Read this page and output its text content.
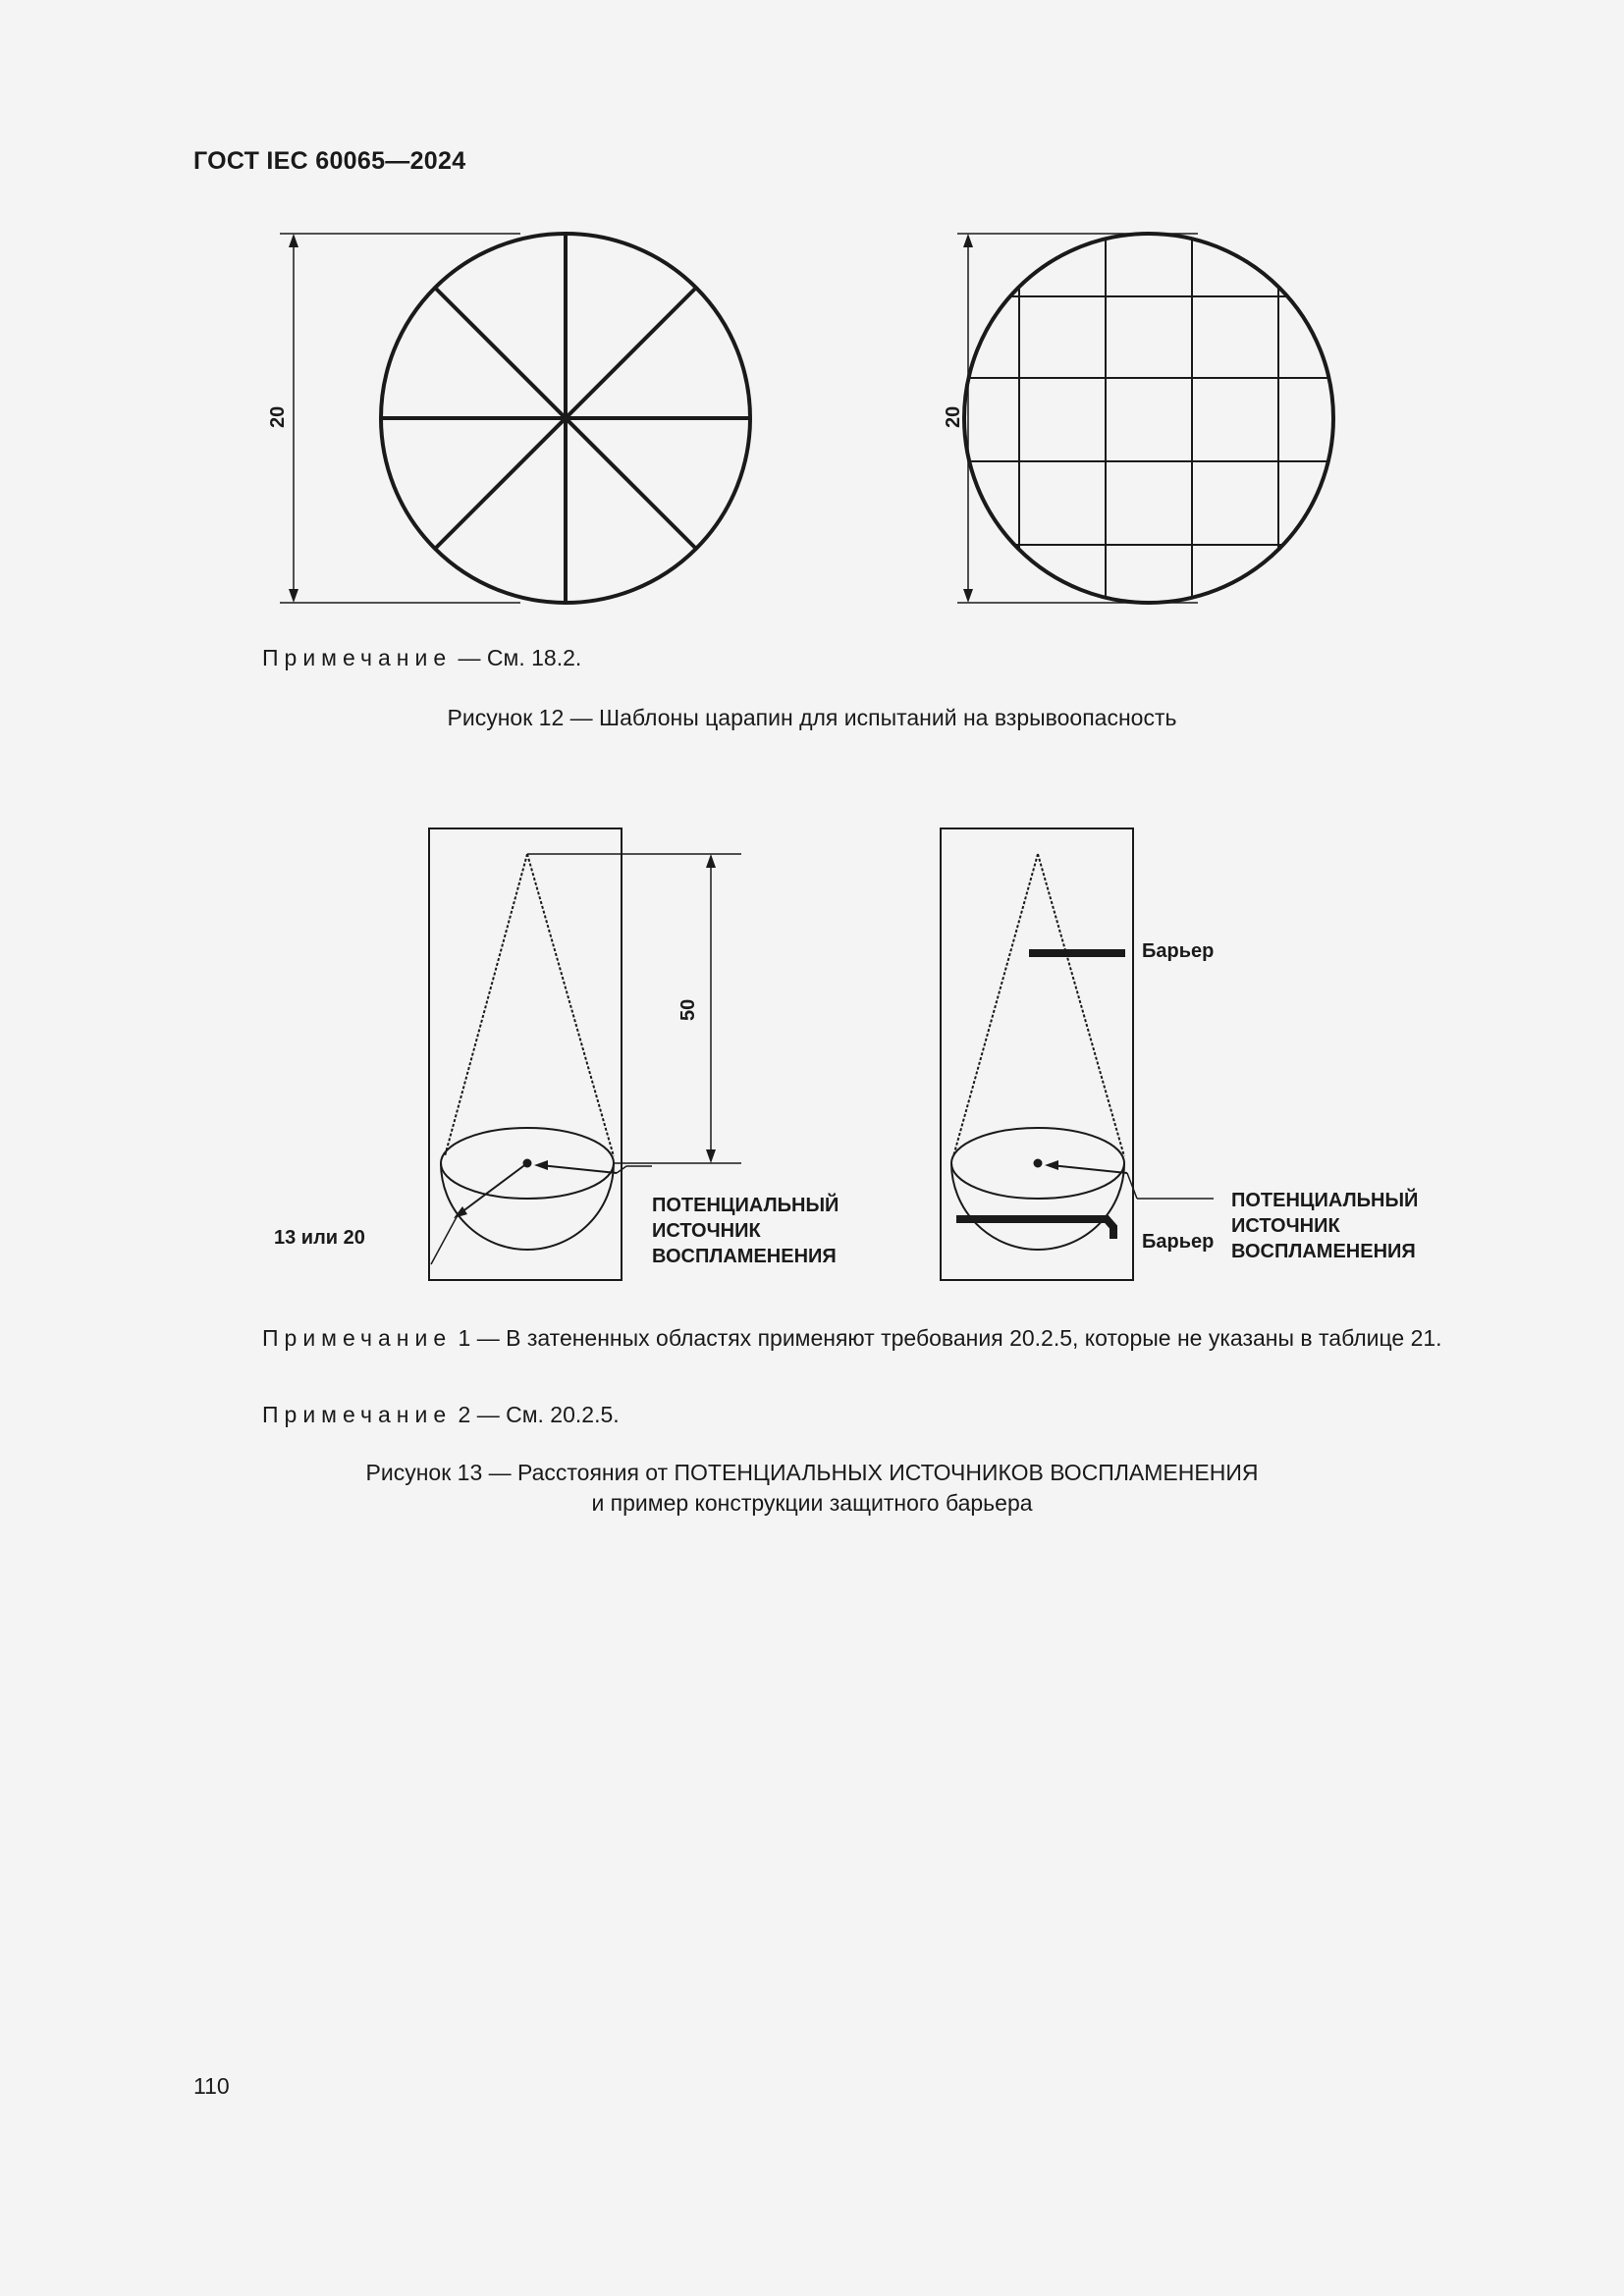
ГОСТ IEC 60065—2024
20	20
Примечание — См. 18.2.
Рисунок 12 — Шаблоны царапин для испытаний на взрывоопасность
50
13 или 20
ПОТЕНЦИАЛЬНЫЙ
ИСТОЧНИК
ВОСПЛАМЕНЕНИЯ
Барьер
Барьер
ПОТЕНЦИАЛЬНЫЙ
ИСТОЧНИК
ВОСПЛАМЕНЕНИЯ
Примечание 1 — В затененных областях применяют требования 20.2.5, которые не указаны в таблице 21.
Примечание 2 — См. 20.2.5.
Рисунок 13 — Расстояния от ПОТЕНЦИАЛЬНЫХ ИСТОЧНИКОВ ВОСПЛАМЕНЕНИЯ
и пример конструкции защитного барьера
110
